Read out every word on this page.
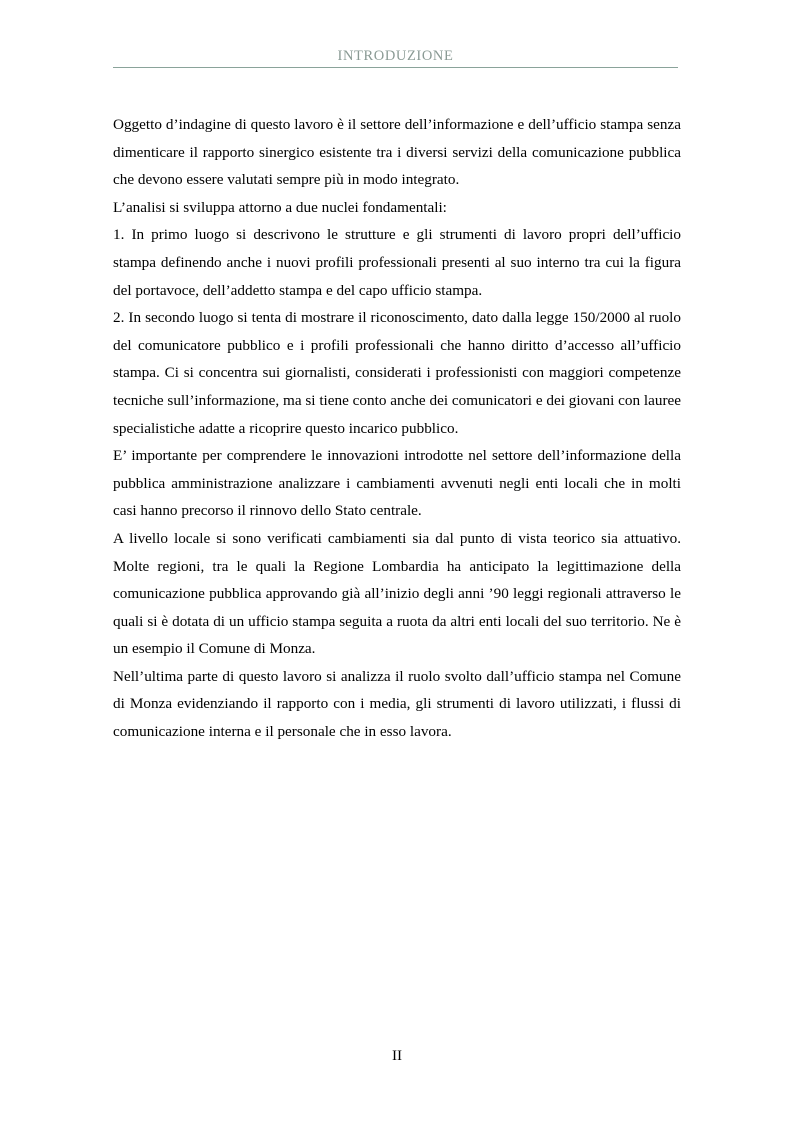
INTRODUZIONE

Oggetto d’indagine di questo lavoro è il settore dell’informazione e dell’ufficio stampa senza dimenticare il rapporto sinergico esistente tra i diversi servizi della comunicazione pubblica che devono essere valutati sempre più in modo integrato.

L’analisi si sviluppa attorno a due nuclei fondamentali:

1. In primo luogo si descrivono le strutture e gli strumenti di lavoro propri dell’ufficio stampa definendo anche i nuovi profili professionali presenti al suo interno tra cui la figura del portavoce, dell’addetto stampa e del capo ufficio stampa.

2. In secondo luogo si tenta di mostrare il riconoscimento, dato dalla legge 150/2000 al ruolo del comunicatore pubblico e i profili professionali che hanno diritto d’accesso all’ufficio stampa. Ci si concentra sui giornalisti, considerati i professionisti con maggiori competenze tecniche sull’informazione, ma si tiene conto anche dei comunicatori e dei giovani con lauree specialistiche adatte a ricoprire questo incarico pubblico.

E’ importante per comprendere le innovazioni introdotte nel settore dell’informazione della pubblica amministrazione analizzare i cambiamenti avvenuti negli enti locali che in molti casi hanno precorso il rinnovo dello Stato centrale.

A livello locale si sono verificati cambiamenti sia dal punto di vista teorico sia attuativo. Molte regioni, tra le quali la Regione Lombardia ha anticipato la legittimazione della comunicazione pubblica approvando già all’inizio degli anni ’90 leggi regionali attraverso le quali si è dotata di un ufficio stampa seguita a ruota da altri enti locali del suo territorio. Ne è un esempio il Comune di Monza.

Nell’ultima parte di questo lavoro si analizza il ruolo svolto dall’ufficio stampa nel Comune di Monza evidenziando il rapporto con i media, gli strumenti di lavoro utilizzati, i flussi di comunicazione interna e il personale che in esso lavora.

II
